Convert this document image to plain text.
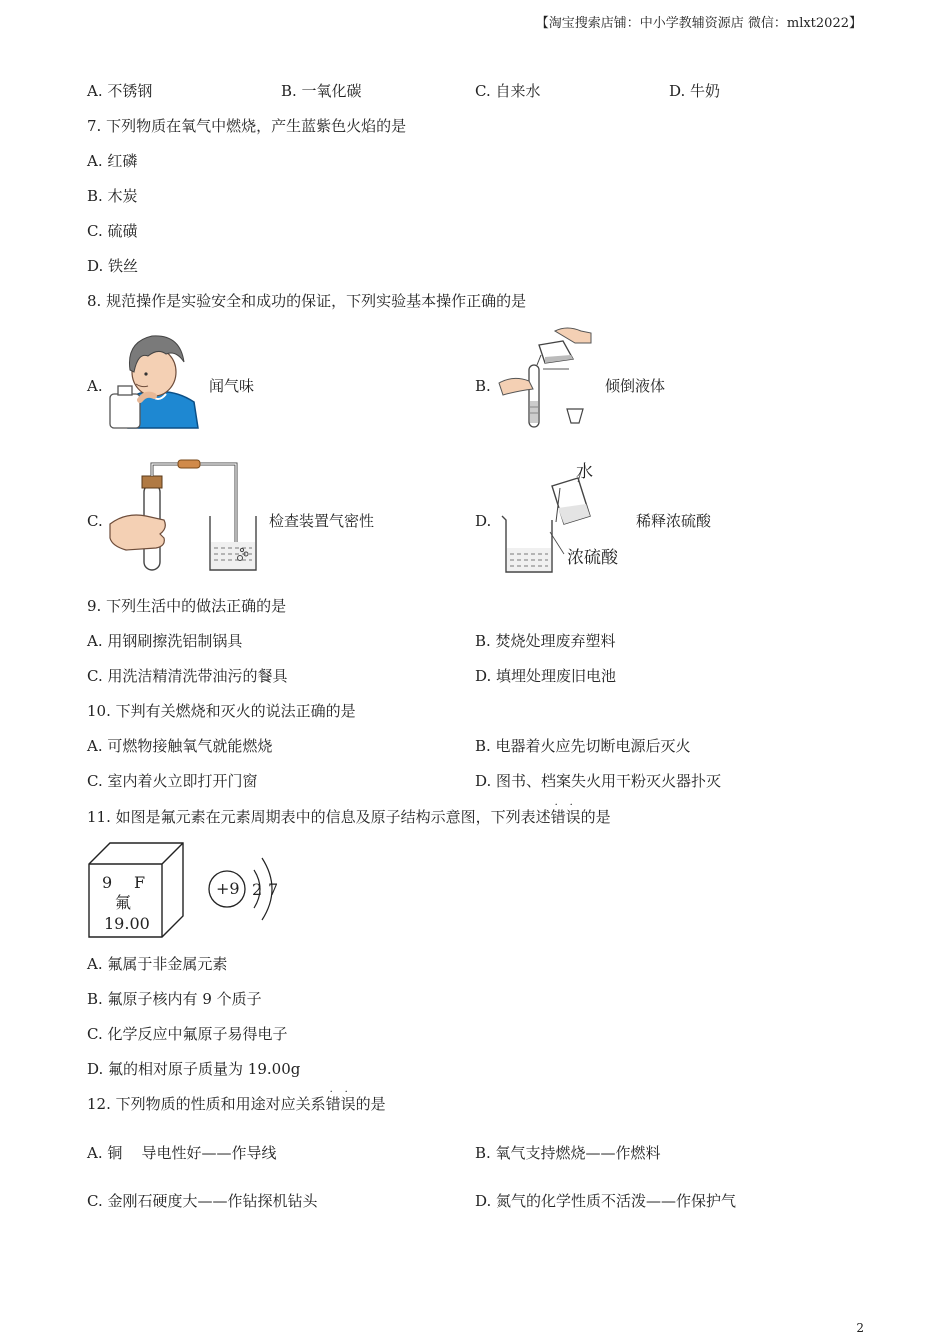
【淘宝搜索店铺：中小学教辅资源店 微信：mlxt2022】
A. 不锈钢	B. 一氧化碳	C. 自来水	D. 牛奶
7. 下列物质在氧气中燃烧，产生蓝紫色火焰的是
A. 红磷
B. 木炭
C. 硫磺
D. 铁丝
8. 规范操作是实验安全和成功的保证，下列实验基本操作正确的是
A.	闻气味	B.	倾倒液体
C.	检查装置气密性	D.
水
浓硫酸
稀释浓硫酸
9. 下列生活中的做法正确的是
A. 用钢刷擦洗铝制锅具	B. 焚烧处理废弃塑料
C. 用洗洁精清洗带油污的餐具	D. 填埋处理废旧电池
10. 下判有关燃烧和灭火的说法正确的是
A. 可燃物接触氧气就能燃烧	B. 电器着火应先切断电源后灭火
C. 室内着火立即打开门窗	D. 图书、档案失火用干粉灭火器扑灭
11. 如图是氟元素在元素周期表中的信息及原子结构示意图，下列表述
· ·
错误的是
9 F
氟
19.00
+9 2 7
A. 氟属于非金属元素
B. 氟原子核内有 9 个质子
C. 化学反应中氟原子易得电子
D. 氟的相对原子质量为 19.00g
12. 下列物质的性质和用途对应关系
· ·
错误的是
A. 铜    导电性好——作导线	B. 氧气支持燃烧——作燃料
C. 金刚石硬度大——作钻探机钻头	D. 氮气的化学性质不活泼——作保护气
2
